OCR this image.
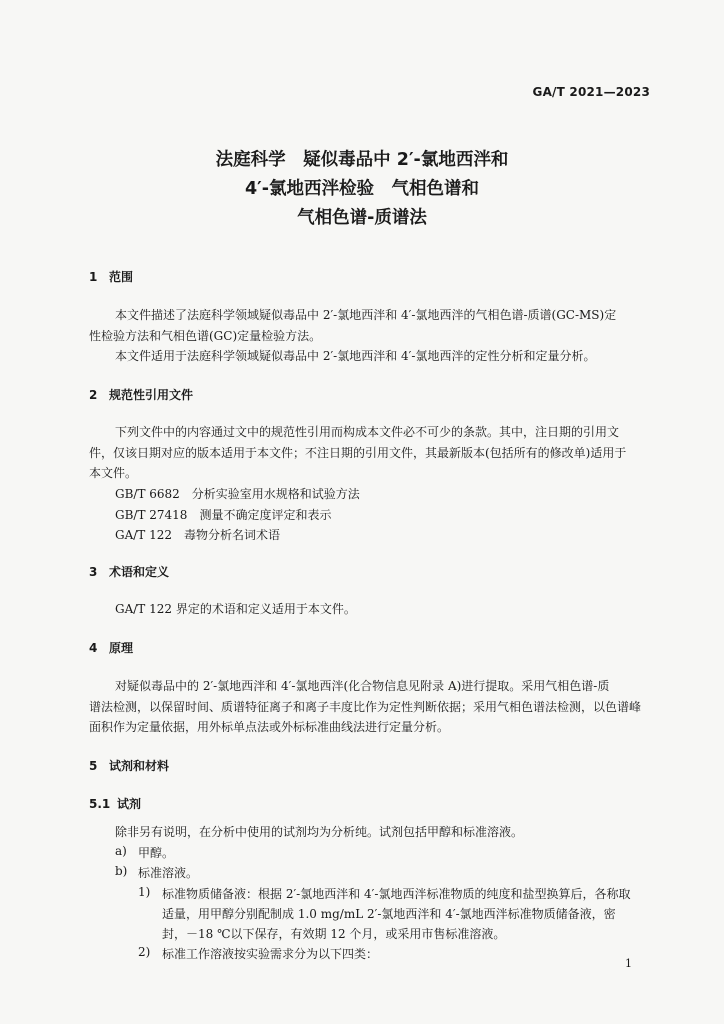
GA/T 2021—2023
法庭科学　疑似毒品中 2′-氯地西泮和
4′-氯地西泮检验　气相色谱和
气相色谱-质谱法
1 范围
本文件描述了法庭科学领域疑似毒品中 2′-氯地西泮和 4′-氯地西泮的气相色谱-质谱(GC-MS)定
性检验方法和气相色谱(GC)定量检验方法。
本文件适用于法庭科学领域疑似毒品中 2′-氯地西泮和 4′-氯地西泮的定性分析和定量分析。
2 规范性引用文件
下列文件中的内容通过文中的规范性引用而构成本文件必不可少的条款。其中，注日期的引用文
件，仅该日期对应的版本适用于本文件；不注日期的引用文件，其最新版本(包括所有的修改单)适用于
本文件。
GB/T 6682　分析实验室用水规格和试验方法
GB/T 27418　测量不确定度评定和表示
GA/T 122　毒物分析名词术语
3 术语和定义
GA/T 122 界定的术语和定义适用于本文件。
4 原理
对疑似毒品中的 2′-氯地西泮和 4′-氯地西泮(化合物信息见附录 A)进行提取。采用气相色谱-质
谱法检测，以保留时间、质谱特征离子和离子丰度比作为定性判断依据；采用气相色谱法检测，以色谱峰
面积作为定量依据，用外标单点法或外标标准曲线法进行定量分析。
5 试剂和材料
5.1 试剂
除非另有说明，在分析中使用的试剂均为分析纯。试剂包括甲醇和标准溶液。
a) 甲醇。
b) 标准溶液。
1) 标准物质储备液：根据 2′-氯地西泮和 4′-氯地西泮标准物质的纯度和盐型换算后，各称取
适量，用甲醇分别配制成 1.0 mg/mL 2′-氯地西泮和 4′-氯地西泮标准物质储备液，密
封，－18 ℃以下保存，有效期 12 个月，或采用市售标准溶液。
2) 标准工作溶液按实验需求分为以下四类：
1
